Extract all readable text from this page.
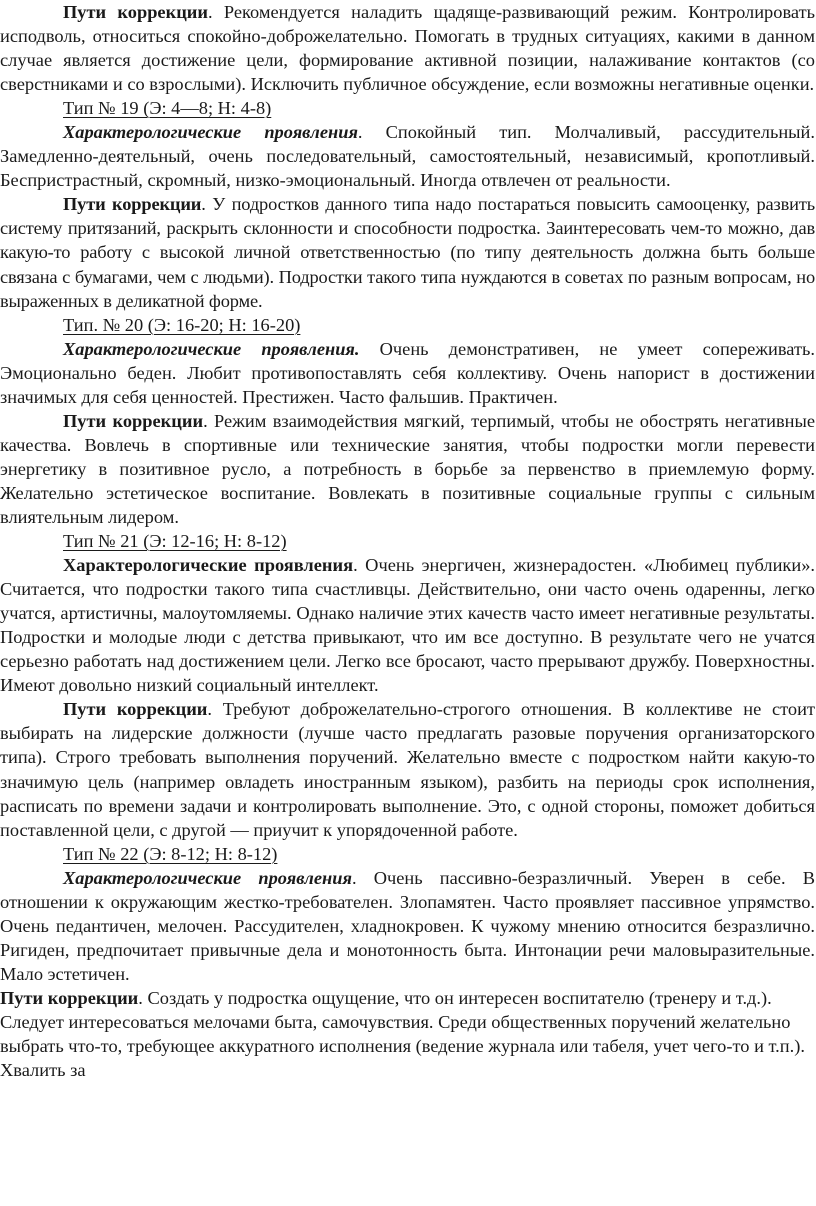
Пути коррекции. Рекомендуется наладить щадяще-развивающий режим. Контролировать исподволь, относиться спокойно-доброжелательно. Помогать в трудных ситуациях, какими в данном случае является достижение цели, формирование активной позиции, налаживание контактов (со сверстниками и со взрослыми). Исключить публичное обсуждение, если возможны негативные оценки.

Тип № 19 (Э: 4—8; Н: 4-8)

Характерологические проявления. Спокойный тип. Молчаливый, рассудительный. Замедленно-деятельный, очень последовательный, самостоятельный, независимый, кропотливый. Беспристрастный, скромный, низко-эмоциональный. Иногда отвлечен от реальности.

Пути коррекции. У подростков данного типа надо постараться повысить самооценку, развить систему притязаний, раскрыть склонности и способности подростка. Заинтересовать чем-то можно, дав какую-то работу с высокой личной ответственностью (по типу деятельность должна быть больше связана с бумагами, чем с людьми). Подростки такого типа нуждаются в советах по разным вопросам, но выраженных в деликатной форме.

Тип. № 20 (Э: 16-20; Н: 16-20)

Характерологические проявления. Очень демонстративен, не умеет сопереживать. Эмоционально беден. Любит противопоставлять себя коллективу. Очень напорист в достижении значимых для себя ценностей. Престижен. Часто фальшив. Практичен.

Пути коррекции. Режим взаимодействия мягкий, терпимый, чтобы не обострять негативные качества. Вовлечь в спортивные или технические занятия, чтобы подростки могли перевести энергетику в позитивное русло, а потребность в борьбе за первенство в приемлемую форму. Желательно эстетическое воспитание. Вовлекать в позитивные социальные группы с сильным влиятельным лидером.

Тип № 21 (Э: 12-16; Н: 8-12)

Характерологические проявления. Очень энергичен, жизнерадостен. «Любимец публики». Считается, что подростки такого типа счастливцы. Действительно, они часто очень одаренны, легко учатся, артистичны, малоутомляемы. Однако наличие этих качеств часто имеет негативные результаты. Подростки и молодые люди с детства привыкают, что им все доступно. В результате чего не учатся серьезно работать над достижением цели. Легко все бросают, часто прерывают дружбу. Поверхностны. Имеют довольно низкий социальный интеллект.

Пути коррекции. Требуют доброжелательно-строгого отношения. В коллективе не стоит выбирать на лидерские должности (лучше часто предлагать разовые поручения организаторского типа). Строго требовать выполнения поручений. Желательно вместе с подростком найти какую-то значимую цель (например овладеть иностранным языком), разбить на периоды срок исполнения, расписать по времени задачи и контролировать выполнение. Это, с одной стороны, поможет добиться поставленной цели, с другой — приучит к упорядоченной работе.

Тип № 22 (Э: 8-12; Н: 8-12)

Характерологические проявления. Очень пассивно-безразличный. Уверен в себе. В отношении к окружающим жестко-требователен. Злопамятен. Часто проявляет пассивное упрямство. Очень педантичен, мелочен. Рассудителен, хладнокровен. К чужому мнению относится безразлично. Ригиден, предпочитает привычные дела и монотонность быта. Интонации речи маловыразительные. Мало эстетичен.

Пути коррекции. Создать у подростка ощущение, что он интересен воспитателю (тренеру и т.д.). Следует интересоваться мелочами быта, самочувствия. Среди общественных поручений желательно выбрать что-то, требующее аккуратного исполнения (ведение журнала или табеля, учет чего-то и т.п.). Хвалить за
